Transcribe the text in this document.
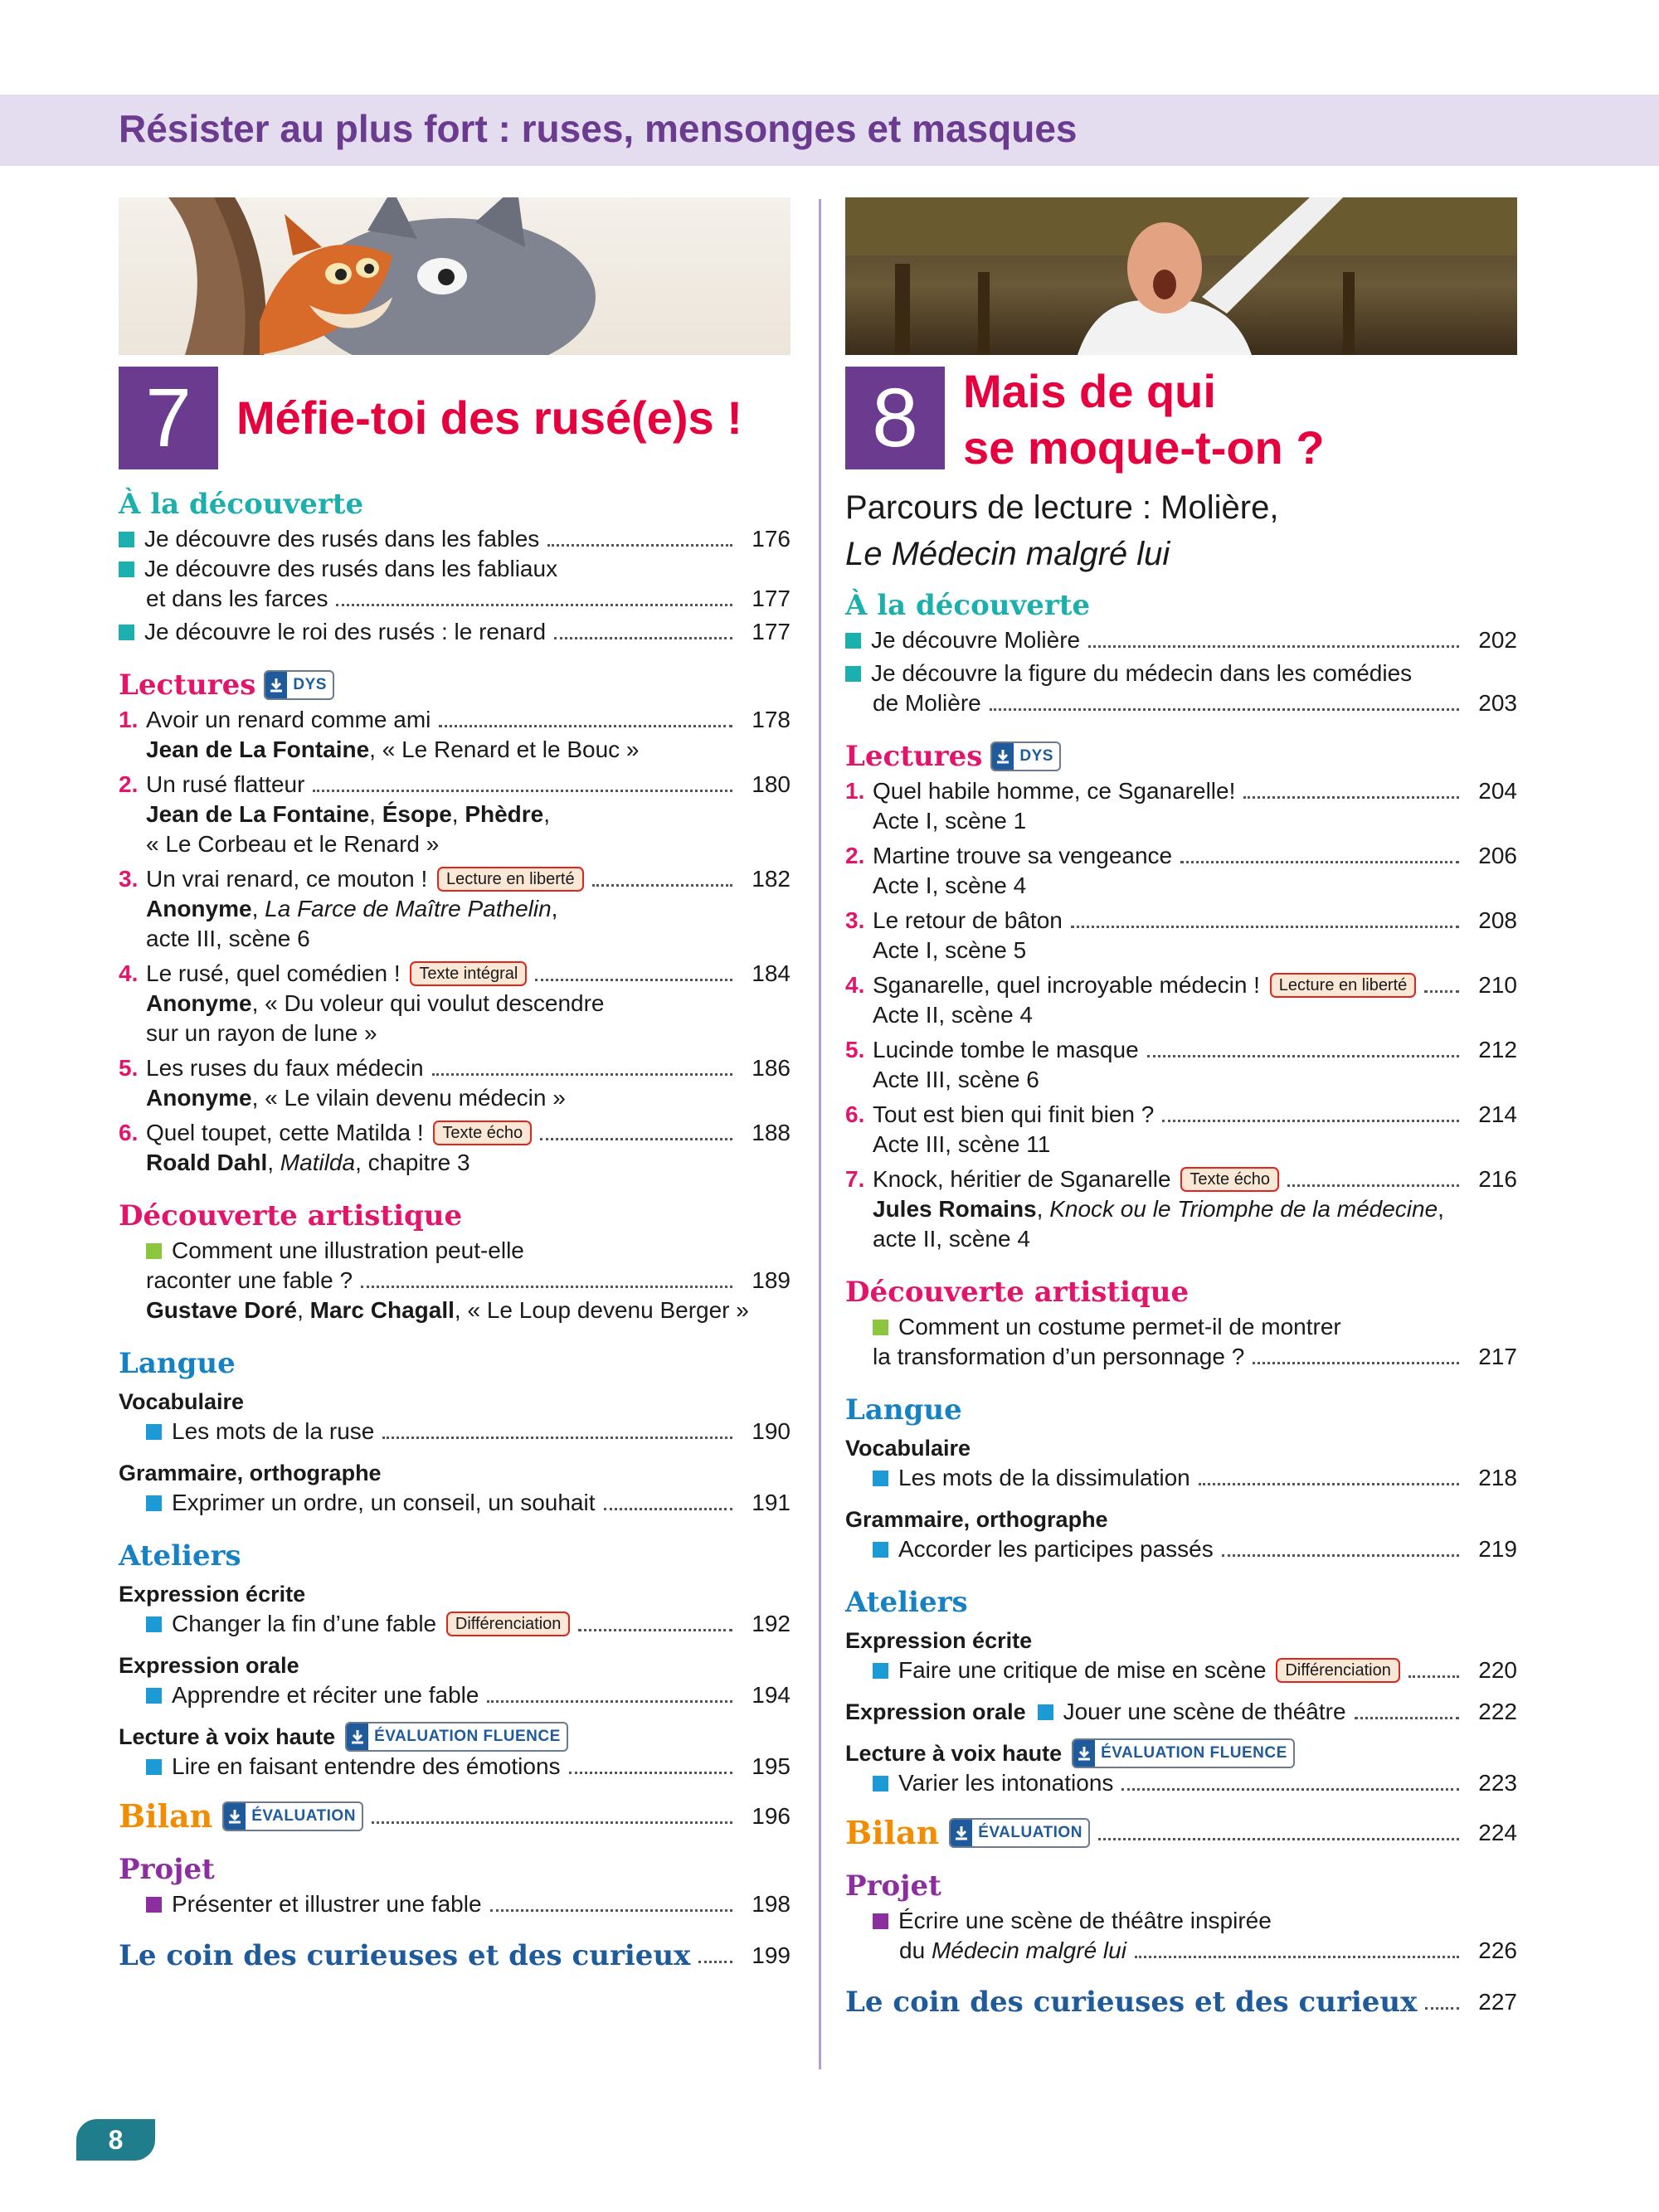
Résister au plus fort : ruses, mensonges et masques
7 Méfie-toi des rusé(e)s !
À la découverte
Je découvre des rusés dans les fables	176
Je découvre des rusés dans les fabliaux
et dans les farces	177
Je découvre le roi des rusés : le renard	177
Lectures	DYS
1. Avoir un renard comme ami	178
Jean de La Fontaine, « Le Renard et le Bouc »
2. Un rusé flatteur	180
Jean de La Fontaine, Ésope, Phèdre,
« Le Corbeau et le Renard »
3. Un vrai renard, ce mouton ! Lecture en liberté	182
Anonyme, La Farce de Maître Pathelin,
acte III, scène 6
4. Le rusé, quel comédien ! Texte intégral	184
Anonyme, « Du voleur qui voulut descendre
sur un rayon de lune »
5. Les ruses du faux médecin	186
Anonyme, « Le vilain devenu médecin »
6. Quel toupet, cette Matilda ! Texte écho	188
Roald Dahl, Matilda, chapitre 3
Découverte artistique
Comment une illustration peut-elle
raconter une fable ?	189
Gustave Doré, Marc Chagall, « Le Loup devenu Berger »
Langue
Vocabulaire
Les mots de la ruse	190
Grammaire, orthographe
Exprimer un ordre, un conseil, un souhait	191
Ateliers
Expression écrite
Changer la fin d’une fable Différenciation	192
Expression orale
Apprendre et réciter une fable	194
Lecture à voix haute	ÉVALUATION FLUENCE
Lire en faisant entendre des émotions	195
Bilan	ÉVALUATION	196
Projet
Présenter et illustrer une fable	198
Le coin des curieuses et des curieux	199
8 Mais de qui
se moque-t-on ?
Parcours de lecture : Molière,
Le Médecin malgré lui
À la découverte
Je découvre Molière	202
Je découvre la figure du médecin dans les comédies
de Molière	203
Lectures	DYS
1. Quel habile homme, ce Sganarelle!	204
Acte I, scène 1
2. Martine trouve sa vengeance	206
Acte I, scène 4
3. Le retour de bâton	208
Acte I, scène 5
4. Sganarelle, quel incroyable médecin ! Lecture en liberté	210
Acte II, scène 4
5. Lucinde tombe le masque	212
Acte III, scène 6
6. Tout est bien qui finit bien ?	214
Acte III, scène 11
7. Knock, héritier de Sganarelle Texte écho	216
Jules Romains, Knock ou le Triomphe de la médecine,
acte II, scène 4
Découverte artistique
Comment un costume permet-il de montrer
la transformation d’un personnage ?	217
Langue
Vocabulaire
Les mots de la dissimulation	218
Grammaire, orthographe
Accorder les participes passés	219
Ateliers
Expression écrite
Faire une critique de mise en scène Différenciation	220
Expression orale Jouer une scène de théâtre	222
Lecture à voix haute	ÉVALUATION FLUENCE
Varier les intonations	223
Bilan	ÉVALUATION	224
Projet
Écrire une scène de théâtre inspirée
du Médecin malgré lui	226
Le coin des curieuses et des curieux	227
8
